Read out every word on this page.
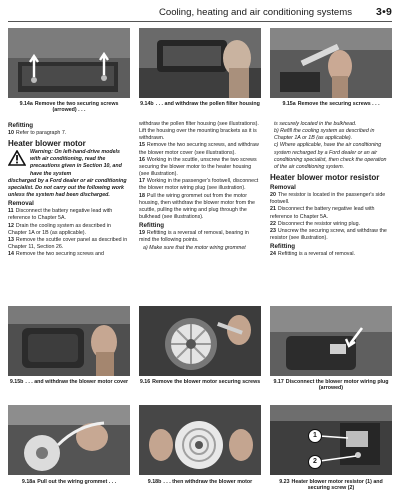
Cooling, heating and air conditioning systems 3•9
9.14a Remove the two securing screws (arrowed) . . .
9.14b . . . and withdraw the pollen filter housing	9.15a Remove the securing screws . . .

Refitting

10 Refer to paragraph 7.

Heater blower motor

Warning: On left-hand-drive models with air conditioning, read the precautions given in Section 10, and have the system

discharged by a Ford dealer or air conditioning specialist. Do not carry out the following work unless the system had been discharged.

Removal

11 Disconnect the battery negative lead with reference to Chapter 5A.

12 Drain the cooling system as described in Chapter 1A or 1B (as applicable).

13 Remove the scuttle cover panel as described in Chapter 11, Section 26.

14 Remove the two securing screws and

withdraw the pollen filter housing (see illustrations). Lift the housing over the mounting brackets as it is withdrawn.

15 Remove the two securing screws, and withdraw the blower motor cover (see illustrations).

16 Working in the scuttle, unscrew the two screws securing the blower motor to the heater housing (see illustration).

17 Working in the passenger's footwell, disconnect the blower motor wiring plug (see illustration).

18 Pull the wiring grommet out from the motor housing, then withdraw the blower motor from the scuttle, pulling the wiring and plug through the bulkhead (see illustrations).

Refitting

19 Refitting is a reversal of removal, bearing in mind the following points.

a) Make sure that the motor wiring grommet

is securely located in the bulkhead.

b) Refill the cooling system as described in Chapter 1A or 1B (as applicable).

c) Where applicable, have the air conditioning system recharged by a Ford dealer or an air conditioning specialist, then check the operation of the air conditioning system.

Heater blower motor resistor

Removal

20 The resistor is located in the passenger's side footwell.

21 Disconnect the battery negative lead with reference to Chapter 5A.

22 Disconnect the resistor wiring plug.

23 Unscrew the securing screw, and withdraw the resistor (see illustration).

Refitting

24 Refitting is a reversal of removal.

9.15b . . . and withdraw the blower motor cover	9.16 Remove the blower motor securing screws	9.17 Disconnect the blower motor wiring plug (arrowed)
1
2
9.18a Pull out the wiring grommet . . .	9.18b . . . then withdraw the blower motor	9.23 Heater blower motor resistor (1) and securing screw (2)
